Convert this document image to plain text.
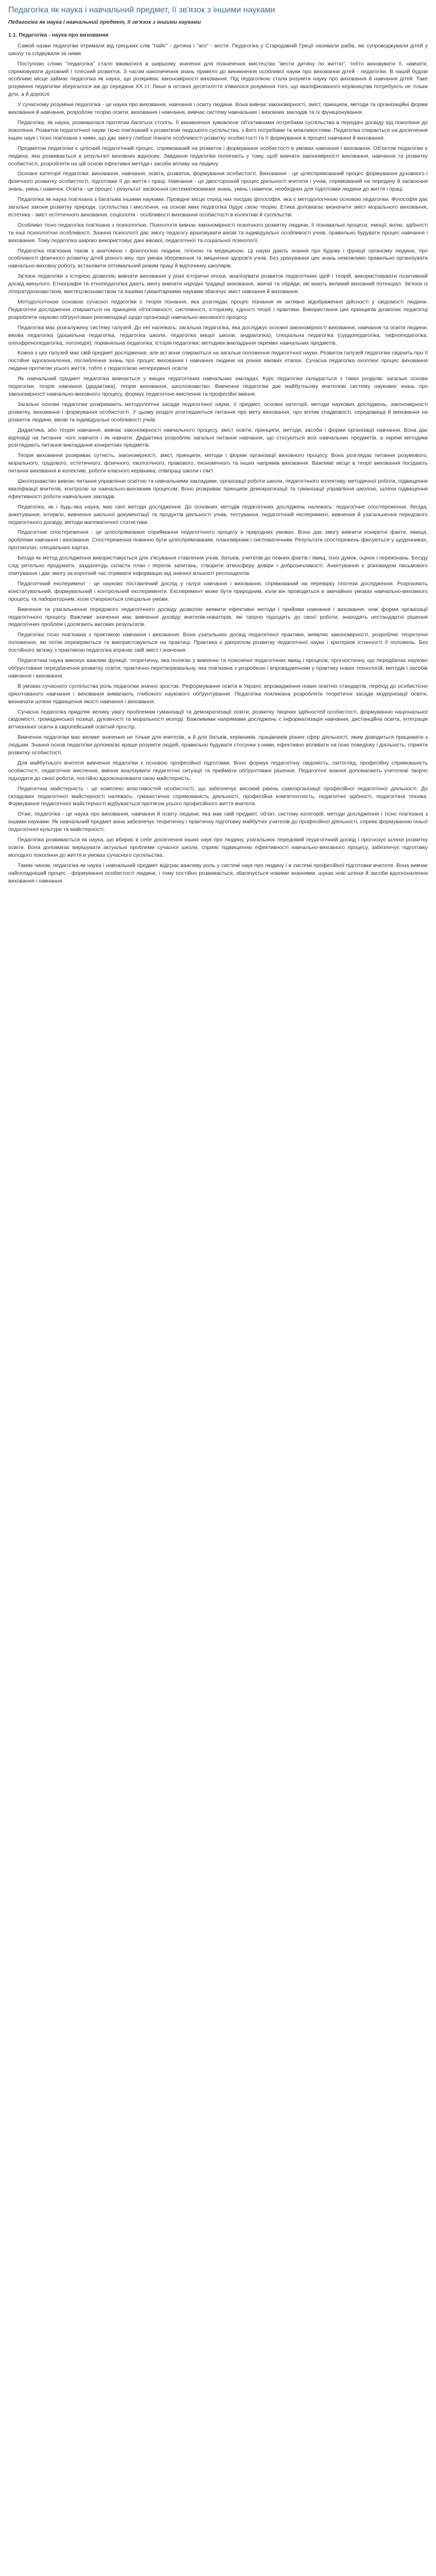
Педагогіка як наука і навчальний предмет, її зв'язок з іншими науками
Педагогіка як наука і навчальний предмет, її зв'язок з іншими науками
1.1. Педагогіка - наука про виховання

Самой назви педагогіки отримали від грецьких слів "пайс" - дитина і "аго" - вести. Педагогіка у Стародавній Греції називали рабів, які супроводжували дітей у школу та слідкували за ними.

Поступово слово "педагогіка" стало вживатися в ширшому значенні для позначення мистецтва "вести дитину по життю", тобто виховувати її, навчати, спрямовувати духовний і тілесний розвиток. З часом накопичення знань привело до виникнення особливої науки про виховання дітей - педагогіки. В нашій будові особливе місце займає педагогіка як наука, що розкриває закономірності виховання. Під педагогікою стали розуміти науку про виховання й навчання дітей. Таке розуміння педагогіки зберігалося аж до середини XX ст. Лише в останні десятиліття з'явилося розуміння того, що кваліфікованого керівництва потребують не тільки діти, а й дорослі.

У сучасному розумінні педагогіка - це наука про виховання, навчання і освіту людини. Вона вивчає закономірності, зміст, принципи, методи та організаційні форми виховання й навчання, розробляє теорію освіти, виховання і навчання, вивчає систему навчальних і виховних закладів та їх функціонування.

Педагогіка, як наука, розвивалася протягом багатьох століть. Її виникнення зумовлене об'єктивними потребами суспільства в передачі досвіду від покоління до покоління. Розвиток педагогічної науки тісно пов'язаний з розвитком людського суспільства, з його потребами та можливостями. Педагогіка спирається на досягнення інших наук і тісно пов'язана з ними, що дає змогу глибше пізнати особливості розвитку особистості та її формування в процесі навчання й виховання.

Предметом педагогіки є цілісний педагогічний процес, спрямований на розвиток і формування особистості в умовах навчання і виховання. Об'єктом педагогіки є людина, яка розвивається в результаті виховних відносин. Завдання педагогіки полягають у тому, щоб вивчати закономірності виховання, навчання та розвитку особистості, розробляти на цій основі ефективні методи і засоби впливу на людину.

Основні категорії педагогіки: виховання, навчання, освіта, розвиток, формування особистості. Виховання - це цілеспрямований процес формування духовного і фізичного розвитку особистості, підготовки її до життя і праці. Навчання - це двосторонній процес діяльності вчителя і учнів, спрямований на передачу й засвоєння знань, умінь і навичок. Освіта - це процес і результат засвоєння систематизованих знань, умінь і навичок, необхідних для підготовки людини до життя і праці.

Педагогіка як наука пов'язана з багатьма іншими науками. Провідне місце серед них посідає філософія, яка є методологічною основою педагогіки. Філософія дає загальні закони розвитку природи, суспільства і мислення, на основі яких педагогіка будує свою теорію. Етика допомагає визначити зміст морального виховання, естетика - зміст естетичного виховання, соціологія - особливості виховання особистості в колективі й суспільстві.

Особливо тісно педагогіка пов'язана з психологією. Психологія вивчає закономірності психічного розвитку людини, її пізнавальні процеси, емоції, волю, здібності та інші психологічні особливості. Знання психології дає змогу педагогу враховувати вікові та індивідуальні особливості учнів, правильно будувати процес навчання і виховання. Тому педагогіка широко використовує дані вікової, педагогічної та соціальної психології.

Педагогіка пов'язана також з анатомією і фізіологією людини, гігієною та медициною. Ці науки дають знання про будову і функції організму людини, про особливості фізичного розвитку дітей різного віку, про умови збереження та зміцнення здоров'я учнів. Без урахування цих знань неможливо правильно організувати навчально-виховну роботу, встановити оптимальний режим праці й відпочинку школярів.

Зв'язок педагогіки з історією дозволяє вивчати виховання у різні історичні епохи, аналізувати розвиток педагогічних ідей і теорій, використовувати позитивний досвід минулого. Етнографія та етнопедагогіка дають змогу вивчати народні традиції виховання, звичаї та обряди, які мають великий виховний потенціал. Зв'язок із літературознавством, мистецтвознавством та іншими гуманітарними науками збагачує зміст навчання й виховання.

Методологічною основою сучасної педагогіки є теорія пізнання, яка розглядає процес пізнання як активне відображення дійсності у свідомості людини. Педагогічні дослідження спираються на принципи об'єктивності, системності, історизму, єдності теорії і практики. Використання цих принципів дозволяє педагогіці розробляти науково обґрунтовані рекомендації щодо організації навчально-виховного процесу.

Педагогіка має розгалужену систему галузей. До неї належать: загальна педагогіка, яка досліджує основні закономірності виховання, навчання та освіти людини; вікова педагогіка (дошкільна педагогіка, педагогіка школи, педагогіка вищої школи, андрагогіка); спеціальна педагогіка (сурдопедагогіка, тифлопедагогіка, олігофренопедагогіка, логопедія); порівняльна педагогіка; історія педагогіки; методики викладання окремих навчальних предметів.

Кожна з цих галузей має свій предмет дослідження, але всі вони спираються на загальні положення педагогічної науки. Розвиток галузей педагогіки свідчить про її постійне вдосконалення, поглиблення знань про процес виховання і навчання людини на різних вікових етапах. Сучасна педагогіка охоплює процес виховання людини протягом усього життя, тобто є педагогікою неперервної освіти.

Як навчальний предмет педагогіка вивчається у вищих педагогічних навчальних закладах. Курс педагогіки складається з таких розділів: загальні основи педагогіки, теорія навчання (дидактика), теорія виховання, школознавство. Вивчення педагогіки дає майбутньому вчителеві систему наукових знань про закономірності навчально-виховного процесу, формує педагогічне мислення та професійні вміння.

Загальні основи педагогіки розкривають методологічні засади педагогічної науки, її предмет, основні категорії, методи наукових досліджень, закономірності розвитку, виховання і формування особистості. У цьому розділі розглядаються питання про мету виховання, про вплив спадковості, середовища й виховання на розвиток людини, вікові та індивідуальні особливості учнів.

Дидактика, або теорія навчання, вивчає закономірності навчального процесу, зміст освіти, принципи, методи, засоби і форми організації навчання. Вона дає відповіді на питання: чого навчати і як навчати. Дидактика розробляє загальні питання навчання, що стосуються всіх навчальних предметів, а окремі методики розглядають питання викладання конкретних предметів.

Теорія виховання розкриває сутність, закономірності, зміст, принципи, методи і форми організації виховного процесу. Вона розглядає питання розумового, морального, трудового, естетичного, фізичного, екологічного, правового, економічного та інших напрямів виховання. Важливе місце в теорії виховання посідають питання виховання в колективі, роботи класного керівника, співпраці школи і сім'ї.

Школознавство вивчає питання управління освітою та навчальними закладами, організації роботи школи, педагогічного колективу, методичної роботи, підвищення кваліфікації вчителів, контролю за навчально-виховним процесом. Воно розкриває принципи демократизації та гуманізації управління школою, шляхи підвищення ефективності роботи навчальних закладів.

Педагогіка, як і будь-яка наука, має свої методи дослідження. До основних методів педагогічних досліджень належать: педагогічне спостереження, бесіда, анкетування, інтерв'ю, вивчення шкільної документації та продуктів діяльності учнів, тестування, педагогічний експеримент, вивчення й узагальнення передового педагогічного досвіду, методи математичної статистики.

Педагогічне спостереження - це цілеспрямоване сприймання педагогічного процесу в природних умовах. Воно дає змогу вивчити конкретні факти, явища, проблеми навчання і виховання. Спостереження повинно бути цілеспрямованим, планомірним і систематичним. Результати спостережень фіксуються у щоденниках, протоколах, спеціальних картах.

Бесіда як метод дослідження використовується для з'ясування ставлення учнів, батьків, учителів до певних фактів і явищ, їхніх думок, оцінок і переконань. Бесіду слід ретельно продумати, заздалегідь скласти план і перелік запитань, створити атмосферу довіри і доброзичливості. Анкетування є різновидом письмового опитування і дає змогу за короткий час отримати інформацію від значної кількості респондентів.

Педагогічний експеримент - це науково поставлений дослід у галузі навчання і виховання, спрямований на перевірку гіпотези дослідження. Розрізняють констатувальний, формувальний і контрольний експерименти. Експеримент може бути природним, коли він проводиться в звичайних умовах навчально-виховного процесу, та лабораторним, коли створюються спеціальні умови.

Вивчення та узагальнення передового педагогічного досвіду дозволяє виявити ефективні методи і прийоми навчання і виховання, нові форми організації педагогічного процесу. Важливе значення має вивчення досвіду вчителів-новаторів, які творчо підходять до своєї роботи, знаходять нестандартні рішення педагогічних проблем і досягають високих результатів.

Педагогіка тісно пов'язана з практикою навчання і виховання. Вона узагальнює досвід педагогічної практики, виявляє закономірності, розробляє теоретичні положення, які потім перевіряються та використовуються на практиці. Практика є джерелом розвитку педагогічної науки і критерієм істинності її положень. Без постійного зв'язку з практикою педагогіка втрачає свій зміст і значення.

Педагогічна наука виконує важливі функції: теоретичну, яка полягає у вивченні та поясненні педагогічних явищ і процесів; прогностичну, що передбачає науково обґрунтоване передбачення розвитку освіти; практично-перетворювальну, яка пов'язана з розробкою і впровадженням у практику нових технологій, методів і засобів навчання і виховання.

В умовах сучасного суспільства роль педагогіки значно зростає. Реформування освіти в Україні, впровадження нових освітніх стандартів, перехід до особистісно орієнтованого навчання і виховання вимагають глибокого наукового обґрунтування. Педагогіка покликана розробляти теоретичні засади модернізації освіти, визначати шляхи підвищення якості навчання і виховання.

Сучасна педагогіка приділяє велику увагу проблемам гуманізації та демократизації освіти, розвитку творчих здібностей особистості, формуванню національної свідомості, громадянської позиції, духовності та моральності молоді. Важливими напрямами досліджень є інформатизація навчання, дистанційна освіта, інтеграція вітчизняної освіти в європейський освітній простір.

Вивчення педагогіки має велике значення не тільки для вчителів, а й для батьків, керівників, працівників різних сфер діяльності, яким доводиться працювати з людьми. Знання основ педагогіки допомагає краще розуміти людей, правильно будувати стосунки з ними, ефективно впливати на їхню поведінку і діяльність, сприяти розвитку особистості.

Для майбутнього вчителя вивчення педагогіки є основою професійної підготовки. Воно формує педагогічну свідомість, світогляд, професійну спрямованість особистості, педагогічне мислення, вміння аналізувати педагогічні ситуації та приймати обґрунтовані рішення. Педагогічні знання допомагають учителеві творчо підходити до своєї роботи, постійно вдосконалювати свою майстерність.

Педагогічна майстерність - це комплекс властивостей особистості, що забезпечує високий рівень самоорганізації професійної педагогічної діяльності. До складових педагогічної майстерності належать: гуманістична спрямованість діяльності, професійна компетентність, педагогічні здібності, педагогічна техніка. Формування педагогічної майстерності відбувається протягом усього професійного життя вчителя.

Отже, педагогіка - це наука про виховання, навчання й освіту людини, яка має свій предмет, об'єкт, систему категорій, методи дослідження і тісно пов'язана з іншими науками. Як навчальний предмет вона забезпечує теоретичну і практичну підготовку майбутніх учителів до професійної діяльності, сприяє формуванню їхньої педагогічної культури та майстерності.

Педагогіка розвивається як наука, що вбирає в себе досягнення інших наук про людину, узагальнює передовий педагогічний досвід і прогнозує шляхи розвитку освіти. Вона допомагає вирішувати актуальні проблеми сучасної школи, сприяє підвищенню ефективності навчально-виховного процесу, забезпечує підготовку молодого покоління до життя в умовах сучасного суспільства.

Таким чином, педагогіка як наука і навчальний предмет відіграє важливу роль у системі наук про людину і в системі професійної підготовки вчителя. Вона вивчає найскладніший процес - формування особистості людини, і тому постійно розвивається, збагачується новими знаннями, шукає нові шляхи й засоби вдосконалення виховання і навчання.
